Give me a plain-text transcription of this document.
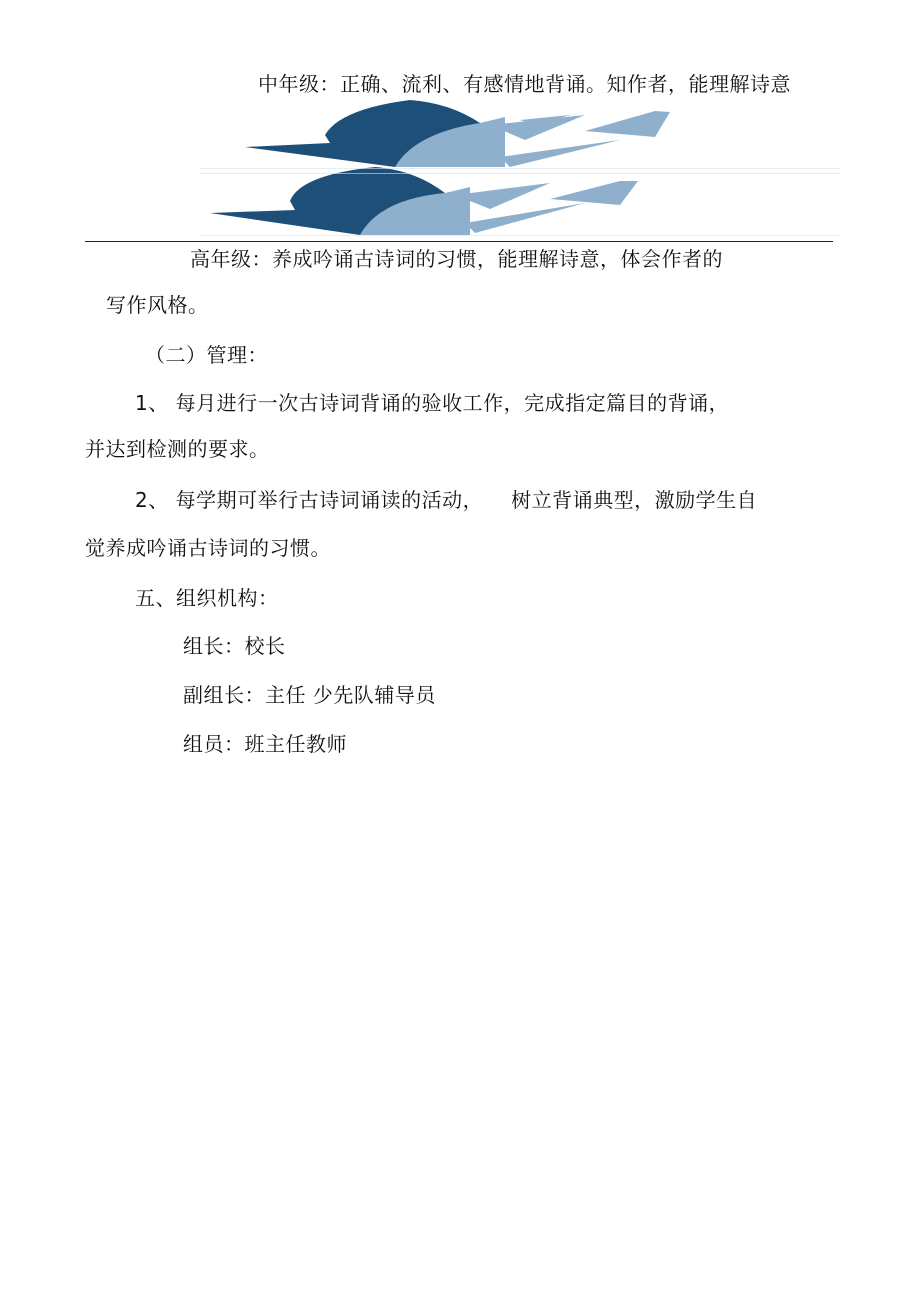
中年级：正确、流利、有感情地背诵。知作者，能理解诗意
高年级：养成吟诵古诗词的习惯，能理解诗意，体会作者的
写作风格。
（二）管理：
1、 每月进行一次古诗词背诵的验收工作，完成指定篇目的背诵，
并达到检测的要求。
2、 每学期可举行古诗词诵读的活动， 树立背诵典型，激励学生自
觉养成吟诵古诗词的习惯。
五、组织机构：
组长：校长
副组长：主任 少先队辅导员
组员：班主任教师
